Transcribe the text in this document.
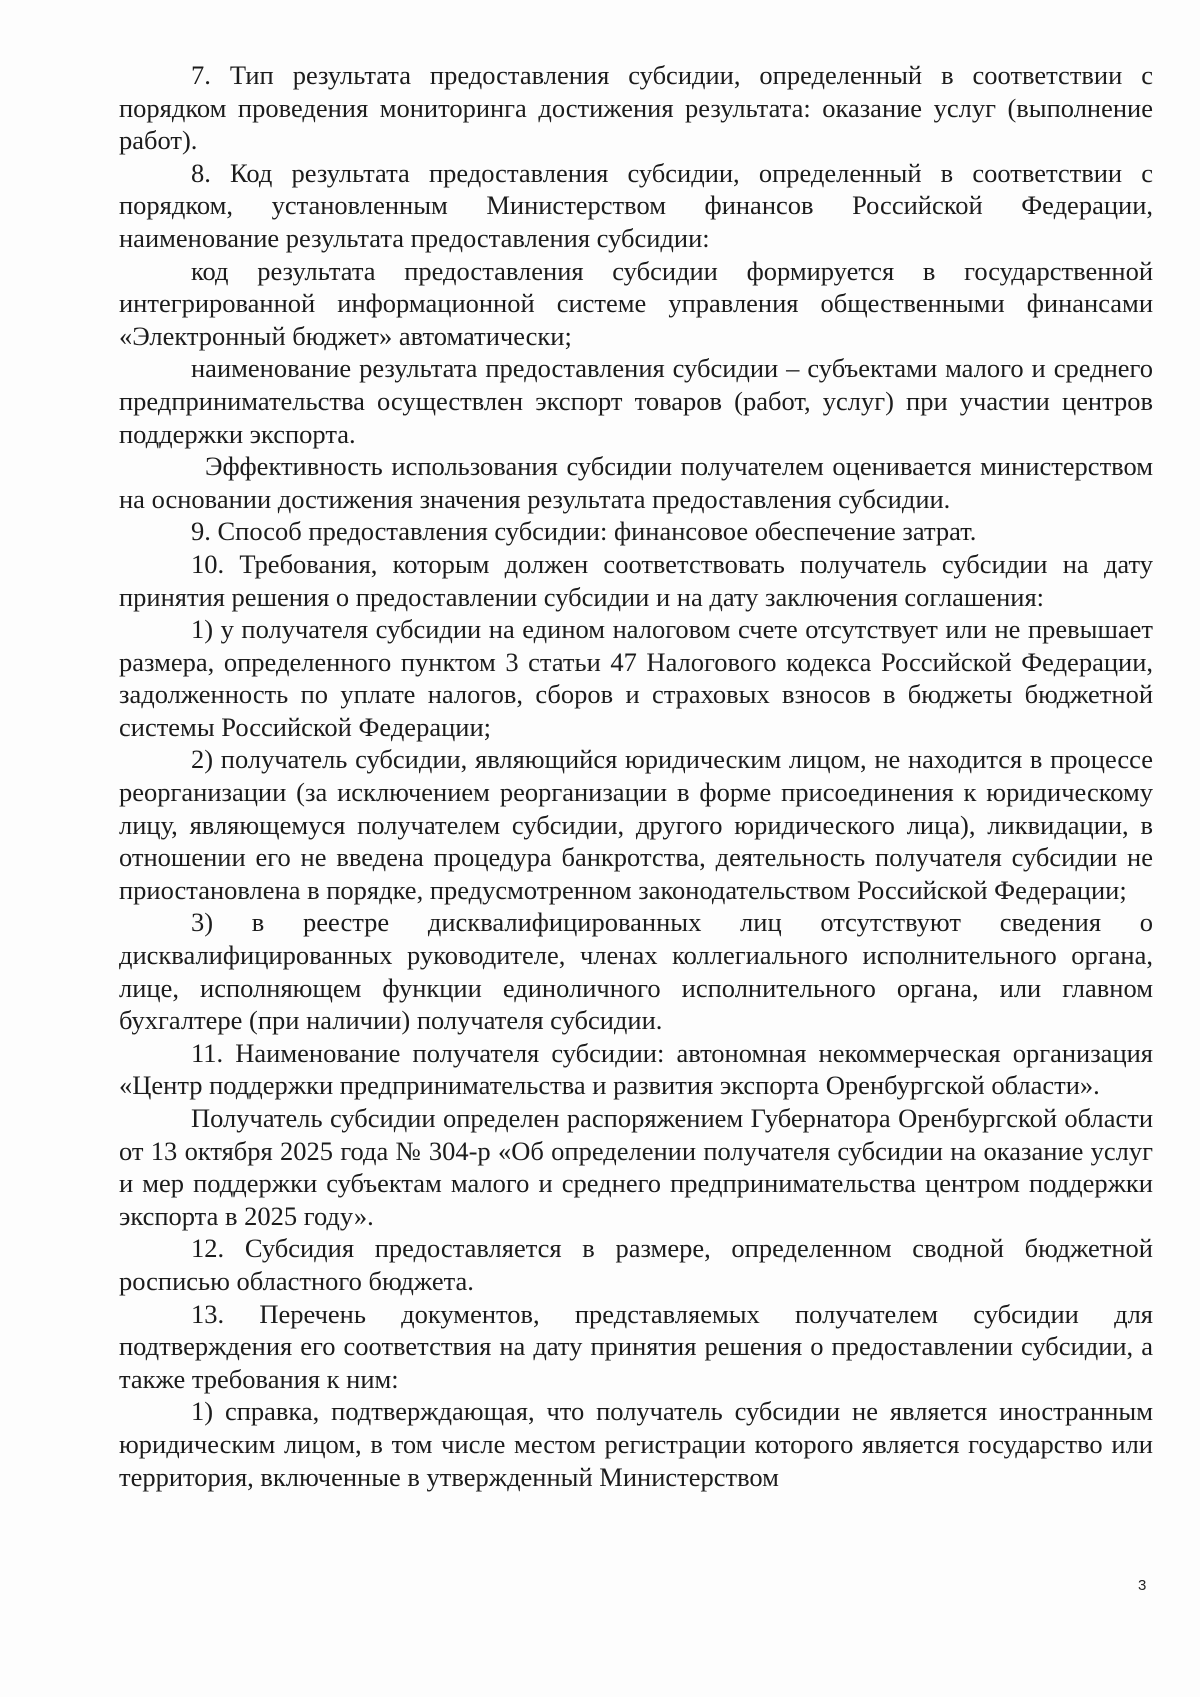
7. Тип результата предоставления субсидии, определенный в соответствии с порядком проведения мониторинга достижения результата: оказание услуг (выполнение работ).

8. Код результата предоставления субсидии, определенный в соответствии с порядком, установленным Министерством финансов Российской Федерации, наименование результата предоставления субсидии:

код результата предоставления субсидии формируется в государственной интегрированной информационной системе управления общественными финансами «Электронный бюджет» автоматически;

наименование результата предоставления субсидии – субъектами малого и среднего предпринимательства осуществлен экспорт товаров (работ, услуг) при участии центров поддержки экспорта.

Эффективность использования субсидии получателем оценивается министерством на основании достижения значения результата предоставления субсидии.

9. Способ предоставления субсидии: финансовое обеспечение затрат.

10. Требования, которым должен соответствовать получатель субсидии на дату принятия решения о предоставлении субсидии и на дату заключения соглашения:

1) у получателя субсидии на едином налоговом счете отсутствует или не превышает размера, определенного пунктом 3 статьи 47 Налогового кодекса Российской Федерации, задолженность по уплате налогов, сборов и страховых взносов в бюджеты бюджетной системы Российской Федерации;

2) получатель субсидии, являющийся юридическим лицом, не находится в процессе реорганизации (за исключением реорганизации в форме присоединения к юридическому лицу, являющемуся получателем субсидии, другого юридического лица), ликвидации, в отношении его не введена процедура банкротства, деятельность получателя субсидии не приостановлена в порядке, предусмотренном законодательством Российской Федерации;

3) в реестре дисквалифицированных лиц отсутствуют сведения о дисквалифицированных руководителе, членах коллегиального исполнительного органа, лице, исполняющем функции единоличного исполнительного органа, или главном бухгалтере (при наличии) получателя субсидии.

11. Наименование получателя субсидии: автономная некоммерческая организация «Центр поддержки предпринимательства и развития экспорта Оренбургской области».

Получатель субсидии определен распоряжением Губернатора Оренбургской области от 13 октября 2025 года № 304-р «Об определении получателя субсидии на оказание услуг и мер поддержки субъектам малого и среднего предпринимательства центром поддержки экспорта в 2025 году».

12. Субсидия предоставляется в размере, определенном сводной бюджетной росписью областного бюджета.

13. Перечень документов, представляемых получателем субсидии для подтверждения его соответствия на дату принятия решения о предоставлении субсидии, а также требования к ним:

1) справка, подтверждающая, что получатель субсидии не является иностранным юридическим лицом, в том числе местом регистрации которого является государство или территория, включенные в утвержденный Министерством

3
